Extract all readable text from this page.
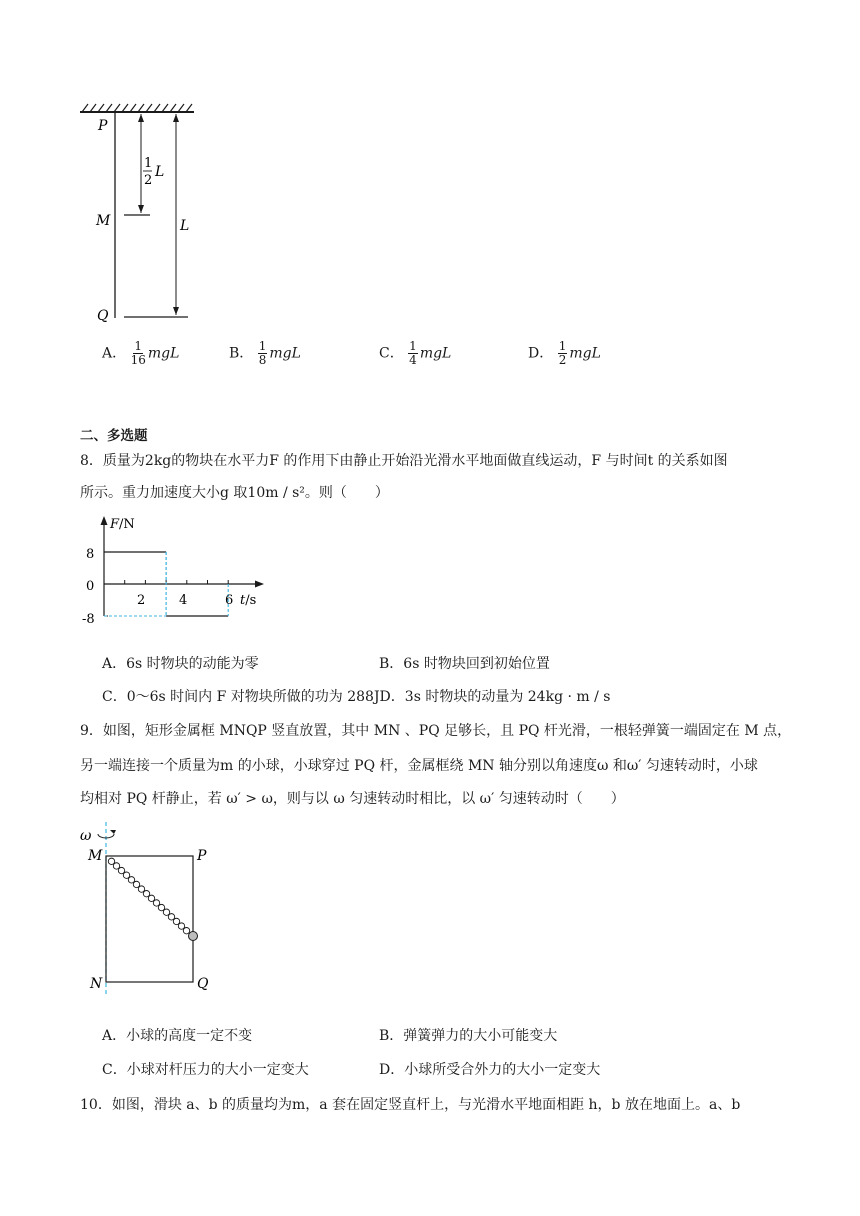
P
M
Q
1
2
L
L
A． $\frac{1}{16}$ mgL	B． $\frac{1}{8}$ mgL	C． $\frac{1}{4}$ mgL	D． $\frac{1}{2}$ mgL
二、多选题
8．质量为2kg的物块在水平力F 的作用下由静止开始沿光滑水平地面做直线运动，F 与时间t 的关系如图
所示。重力加速度大小g 取10m / s²。则（　　）
F/N
t/s
8
0
-8
2	4	6
A．6s 时物块的动能为零	B．6s 时物块回到初始位置
C．0～6s 时间内 F 对物块所做的功为 288JD．3s 时物块的动量为 24kg · m / s
9．如图，矩形金属框 MNQP 竖直放置，其中 MN 、PQ 足够长，且 PQ 杆光滑，一根轻弹簧一端固定在 M 点，
另一端连接一个质量为m 的小球，小球穿过 PQ 杆，金属框绕 MN 轴分别以角速度ω 和ω′ 匀速转动时，小球
均相对 PQ 杆静止，若 ω′ > ω，则与以 ω 匀速转动时相比，以 ω′ 匀速转动时（　　）
ω
M	P
N	Q
A．小球的高度一定不变	B．弹簧弹力的大小可能变大
C．小球对杆压力的大小一定变大	D．小球所受合外力的大小一定变大
10．如图，滑块 a、b 的质量均为m，a 套在固定竖直杆上，与光滑水平地面相距 h，b 放在地面上。a、b
